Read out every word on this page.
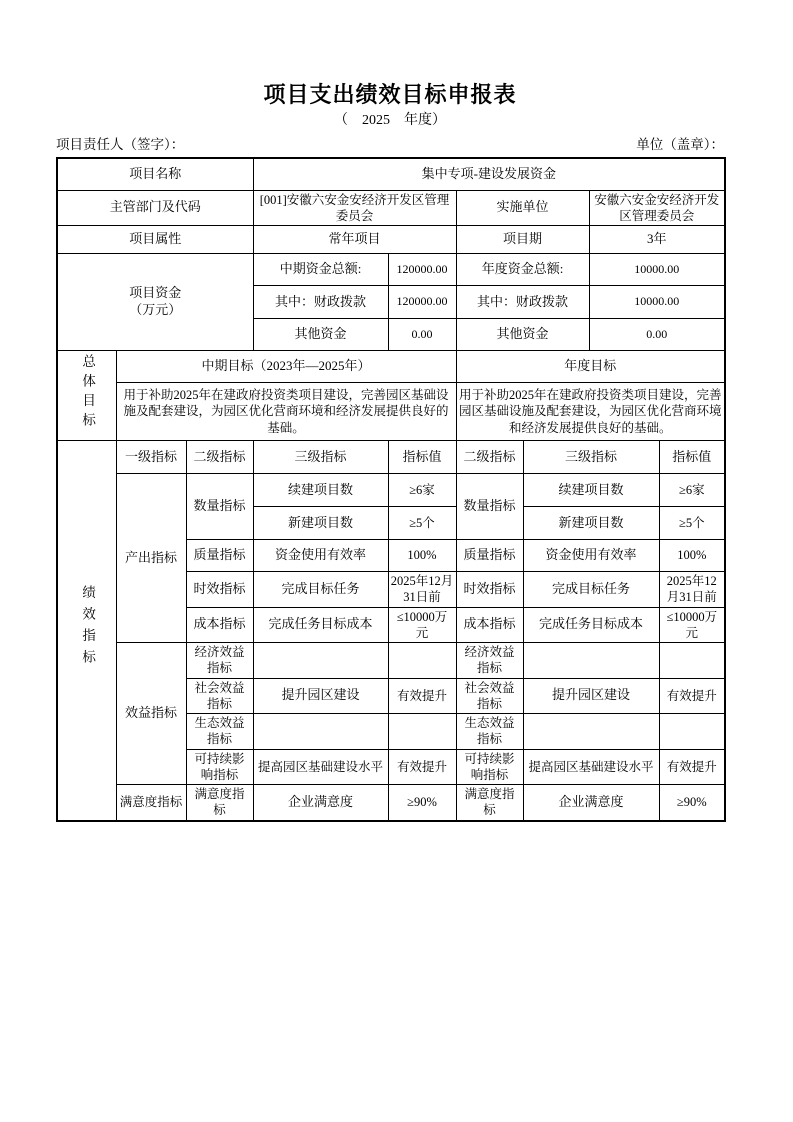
项目支出绩效目标申报表
（　2025　年度）
项目责任人（签字）：	单位（盖章）：
项目名称			集中专项-建设发展资金					
主管部门及代码			[001]安徽六安金安经济开发区管理委员会		实施单位		安徽六安金安经济开发区管理委员会	
项目属性			常年项目		项目期		3年	

项目资金
（万元）			中期资金总额:	120000.00	年度资金总额:		10000.00	
			其中：财政拨款	120000.00	其中：财政拨款		10000.00	
			其他资金	0.00	其他资金		0.00	
总体目标	中期目标（2023年—2025年）				年度目标			
	用于补助2025年在建政府投资类项目建设，完善园区基础设施及配套建设，为园区优化营商环境和经济发展提供良好的基础。				用于补助2025年在建政府投资类项目建设，完善园区基础设施及配套建设，为园区优化营商环境和经济发展提供良好的基础。			
绩效指标	一级指标	二级指标	三级指标	指标值	二级指标	三级指标		指标值
	产出指标	数量指标	续建项目数	≥6家	数量指标	续建项目数		≥6家
			新建项目数	≥5个		新建项目数		≥5个
		质量指标	资金使用有效率	100%	质量指标	资金使用有效率		100%
		时效指标	完成目标任务	2025年12月31日前	时效指标	完成目标任务		2025年12月31日前
		成本指标	完成任务目标成本	≤10000万元	成本指标	完成任务目标成本		≤10000万元
	效益指标	经济效益指标			经济效益指标			
		社会效益指标	提升园区建设	有效提升	社会效益指标	提升园区建设		有效提升
		生态效益指标			生态效益指标			
		可持续影响指标	提高园区基础建设水平	有效提升	可持续影响指标	提高园区基础建设水平		有效提升
	满意度指标	满意度指标	企业满意度	≥90%	满意度指标	企业满意度		≥90%
